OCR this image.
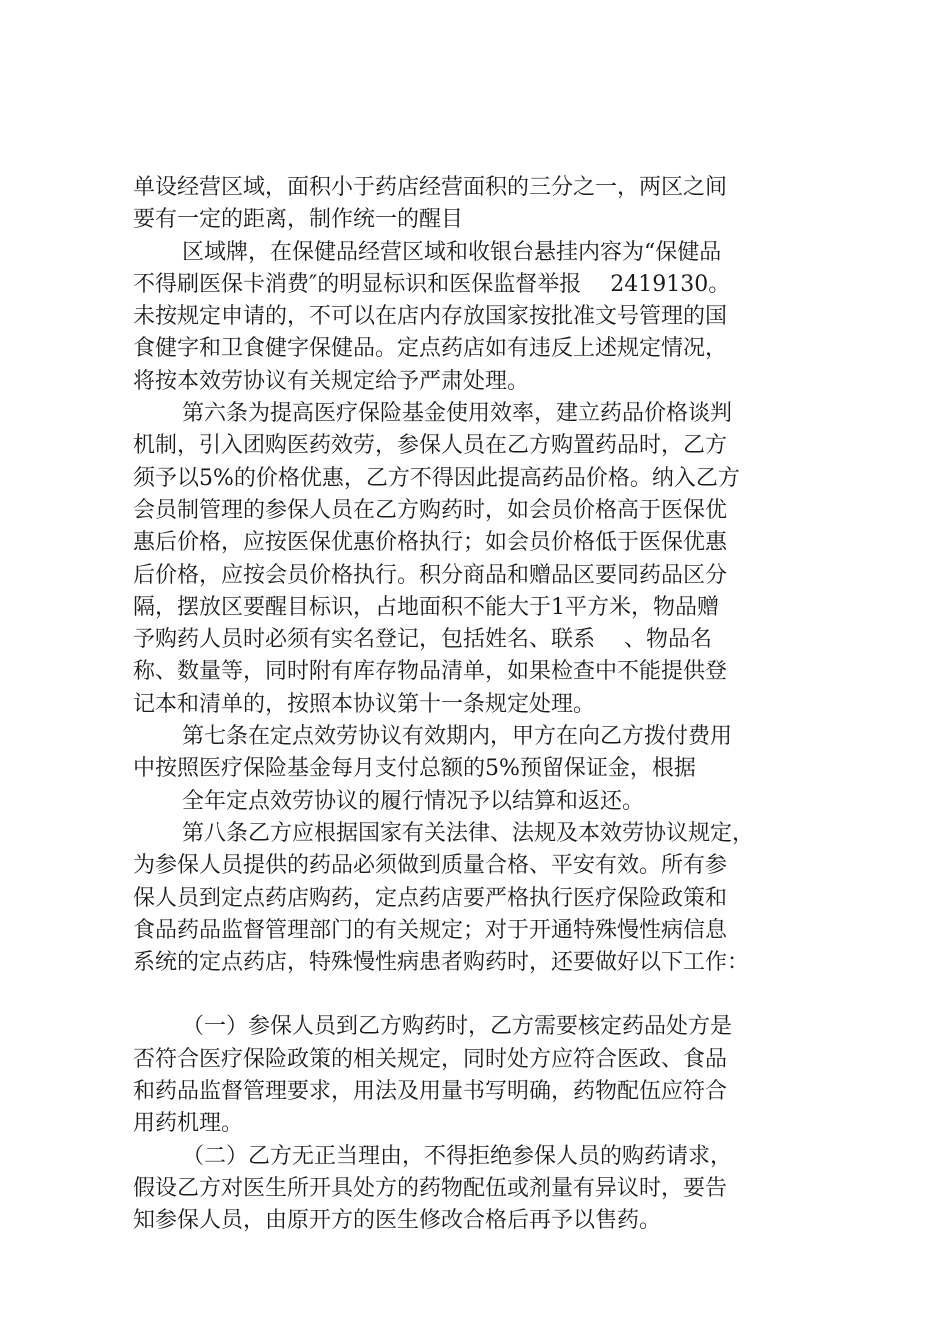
单设经营区域，面积小于药店经营面积的三分之一，两区之间
要有一定的距离，制作统一的醒目
区域牌，在保健品经营区域和收银台悬挂内容为“保健品
不得刷医保卡消费″的明显标识和医保监督举报　 2419130。
未按规定申请的，不可以在店内存放国家按批准文号管理的国
食健字和卫食健字保健品。定点药店如有违反上述规定情况，
将按本效劳协议有关规定给予严肃处理。
第六条为提高医疗保险基金使用效率，建立药品价格谈判
机制，引入团购医药效劳，参保人员在乙方购置药品时，乙方
须予以5%的价格优惠，乙方不得因此提高药品价格。纳入乙方
会员制管理的参保人员在乙方购药时，如会员价格高于医保优
惠后价格，应按医保优惠价格执行；如会员价格低于医保优惠
后价格，应按会员价格执行。积分商品和赠品区要同药品区分
隔，摆放区要醒目标识，占地面积不能大于1平方米，物品赠
予购药人员时必须有实名登记，包括姓名、联系　 、物品名
称、数量等，同时附有库存物品清单，如果检查中不能提供登
记本和清单的，按照本协议第十一条规定处理。
第七条在定点效劳协议有效期内，甲方在向乙方拨付费用
中按照医疗保险基金每月支付总额的5%预留保证金，根据
全年定点效劳协议的履行情况予以结算和返还。
第八条乙方应根据国家有关法律、法规及本效劳协议规定，
为参保人员提供的药品必须做到质量合格、平安有效。所有参
保人员到定点药店购药，定点药店要严格执行医疗保险政策和
食品药品监督管理部门的有关规定；对于开通特殊慢性病信息
系统的定点药店，特殊慢性病患者购药时，还要做好以下工作：
（一）参保人员到乙方购药时，乙方需要核定药品处方是
否符合医疗保险政策的相关规定，同时处方应符合医政、食品
和药品监督管理要求，用法及用量书写明确，药物配伍应符合
用药机理。
（二）乙方无正当理由，不得拒绝参保人员的购药请求，
假设乙方对医生所开具处方的药物配伍或剂量有异议时，要告
知参保人员，由原开方的医生修改合格后再予以售药。
